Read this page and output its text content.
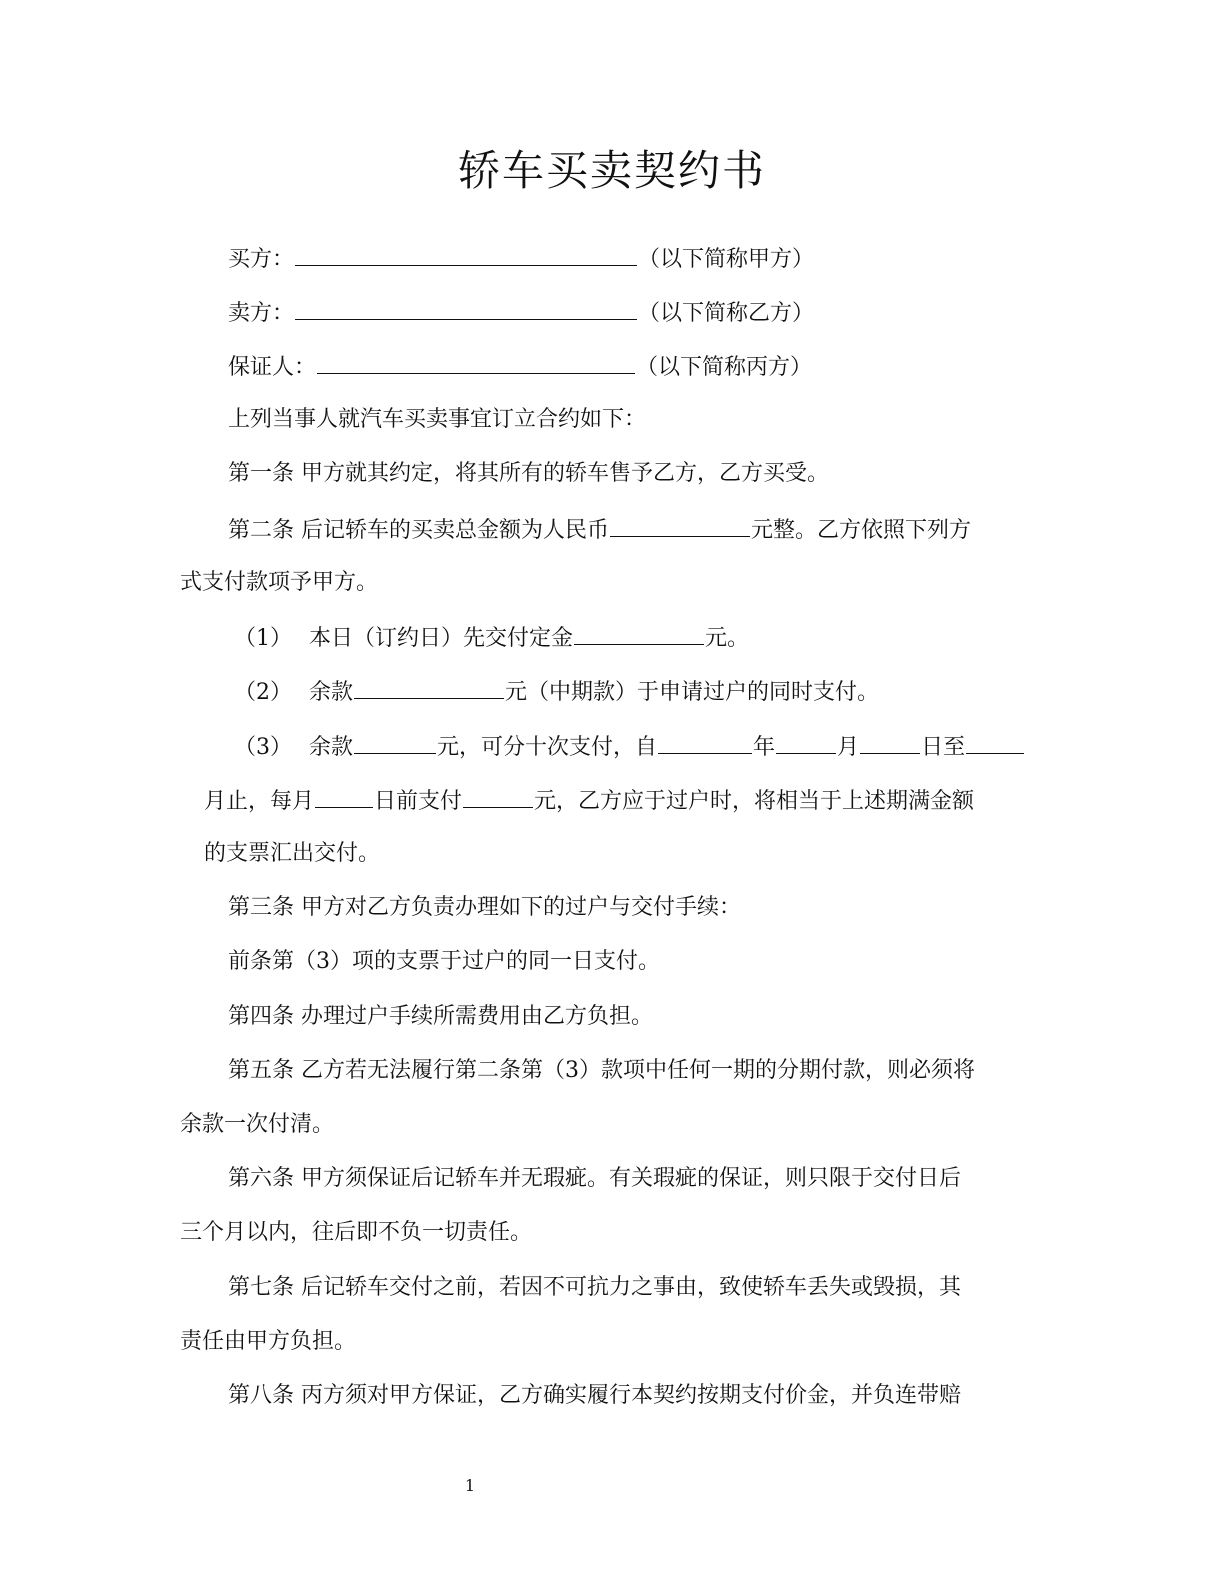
轿车买卖契约书
买方：	（以下简称甲方）
卖方：	（以下简称乙方）
保证人：	（以下简称丙方）
上列当事人就汽车买卖事宜订立合约如下：
第一条 甲方就其约定，将其所有的轿车售予乙方，乙方买受。
第二条 后记轿车的买卖总金额为人民币	元整。乙方依照下列方
式支付款项予甲方。
（1） 本日（订约日）先交付定金	元。
（2） 余款	元（中期款）于申请过户的同时支付。
（3） 余款	元，可分十次支付，自	年	月	日至
月止，每月	日前支付	元，乙方应于过户时，将相当于上述期满金额
的支票汇出交付。
第三条 甲方对乙方负责办理如下的过户与交付手续：
前条第（3）项的支票于过户的同一日支付。
第四条 办理过户手续所需费用由乙方负担。
第五条 乙方若无法履行第二条第（3）款项中任何一期的分期付款，则必须将
余款一次付清。
第六条 甲方须保证后记轿车并无瑕疵。有关瑕疵的保证，则只限于交付日后
三个月以内，往后即不负一切责任。
第七条 后记轿车交付之前，若因不可抗力之事由，致使轿车丢失或毁损，其
责任由甲方负担。
第八条 丙方须对甲方保证，乙方确实履行本契约按期支付价金，并负连带赔
1
